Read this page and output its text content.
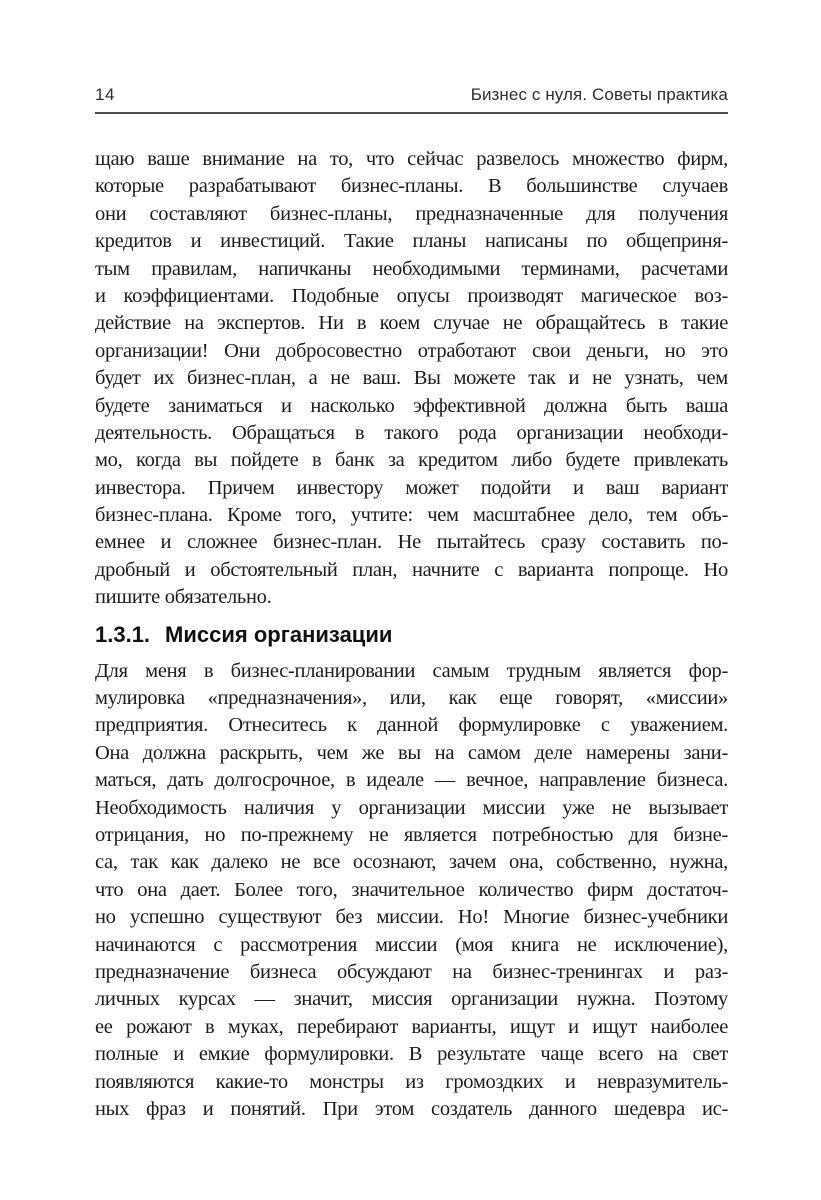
14	Бизнес с нуля. Советы практика
щаю ваше внимание на то, что сейчас развелось множество фирм,
которые разрабатывают бизнес-планы. В большинстве случаев
они составляют бизнес-планы, предназначенные для получения
кредитов и инвестиций. Такие планы написаны по общеприня-
тым правилам, напичканы необходимыми терминами, расчетами
и коэффициентами. Подобные опусы производят магическое воз-
действие на экспертов. Ни в коем случае не обращайтесь в такие
организации! Они добросовестно отработают свои деньги, но это
будет их бизнес-план, а не ваш. Вы можете так и не узнать, чем
будете заниматься и насколько эффективной должна быть ваша
деятельность. Обращаться в такого рода организации необходи-
мо, когда вы пойдете в банк за кредитом либо будете привлекать
инвестора. Причем инвестору может подойти и ваш вариант
бизнес-плана. Кроме того, учтите: чем масштабнее дело, тем объ-
емнее и сложнее бизнес-план. Не пытайтесь сразу составить по-
дробный и обстоятельный план, начните с варианта попроще. Но
пишите обязательно.
1.3.1. Миссия организации
Для меня в бизнес-планировании самым трудным является фор-
мулировка «предназначения», или, как еще говорят, «миссии»
предприятия. Отнеситесь к данной формулировке с уважением.
Она должна раскрыть, чем же вы на самом деле намерены зани-
маться, дать долгосрочное, в идеале — вечное, направление бизнеса.
Необходимость наличия у организации миссии уже не вызывает
отрицания, но по-прежнему не является потребностью для бизне-
са, так как далеко не все осознают, зачем она, собственно, нужна,
что она дает. Более того, значительное количество фирм достаточ-
но успешно существуют без миссии. Но! Многие бизнес-учебники
начинаются с рассмотрения миссии (моя книга не исключение),
предназначение бизнеса обсуждают на бизнес-тренингах и раз-
личных курсах — значит, миссия организации нужна. Поэтому
ее рожают в муках, перебирают варианты, ищут и ищут наиболее
полные и емкие формулировки. В результате чаще всего на свет
появляются какие-то монстры из громоздких и невразумитель-
ных фраз и понятий. При этом создатель данного шедевра ис-
